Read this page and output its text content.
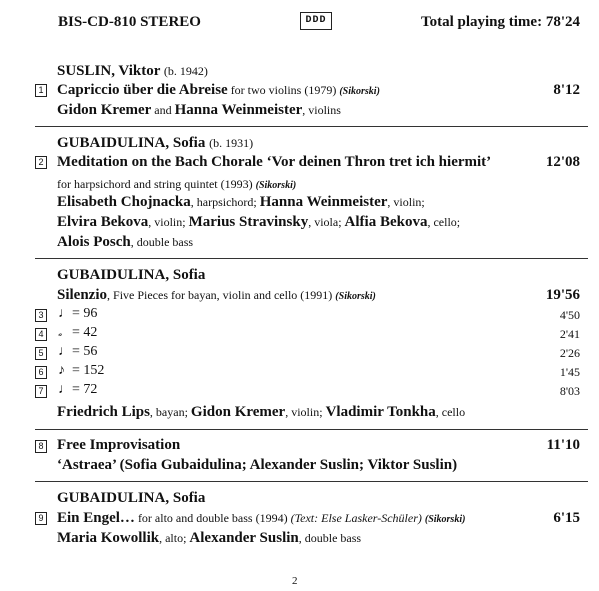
BIS-CD-810 STEREO	DDD	Total playing time: 78'24
SUSLIN, Viktor (b. 1942)
1 Capriccio über die Abreise for two violins (1979) (Sikorski)	8'12
Gidon Kremer and Hanna Weinmeister, violins
GUBAIDULINA, Sofia (b. 1931)
2 Meditation on the Bach Chorale ‘Vor deinen Thron tret ich hiermit’	12'08
for harpsichord and string quintet (1993) (Sikorski)
Elisabeth Chojnacka, harpsichord; Hanna Weinmeister, violin;
Elvira Bekova, violin; Marius Stravinsky, viola; Alfia Bekova, cello;
Alois Posch, double bass
GUBAIDULINA, Sofia
Silenzio, Five Pieces for bayan, violin and cello (1991) (Sikorski)	19'56
3 ♩= 96	4'50
4 𝅗 = 42	2'41
5 ♩= 56	2'26
6 ♪ = 152	1'45
7 ♩= 72	8'03
Friedrich Lips, bayan; Gidon Kremer, violin; Vladimir Tonkha, cello
8 Free Improvisation	11'10
‘Astraea’ (Sofia Gubaidulina; Alexander Suslin; Viktor Suslin)
GUBAIDULINA, Sofia
9 Ein Engel… for alto and double bass (1994) (Text: Else Lasker-Schüler) (Sikorski)	6'15
Maria Kowollik, alto; Alexander Suslin, double bass
2
